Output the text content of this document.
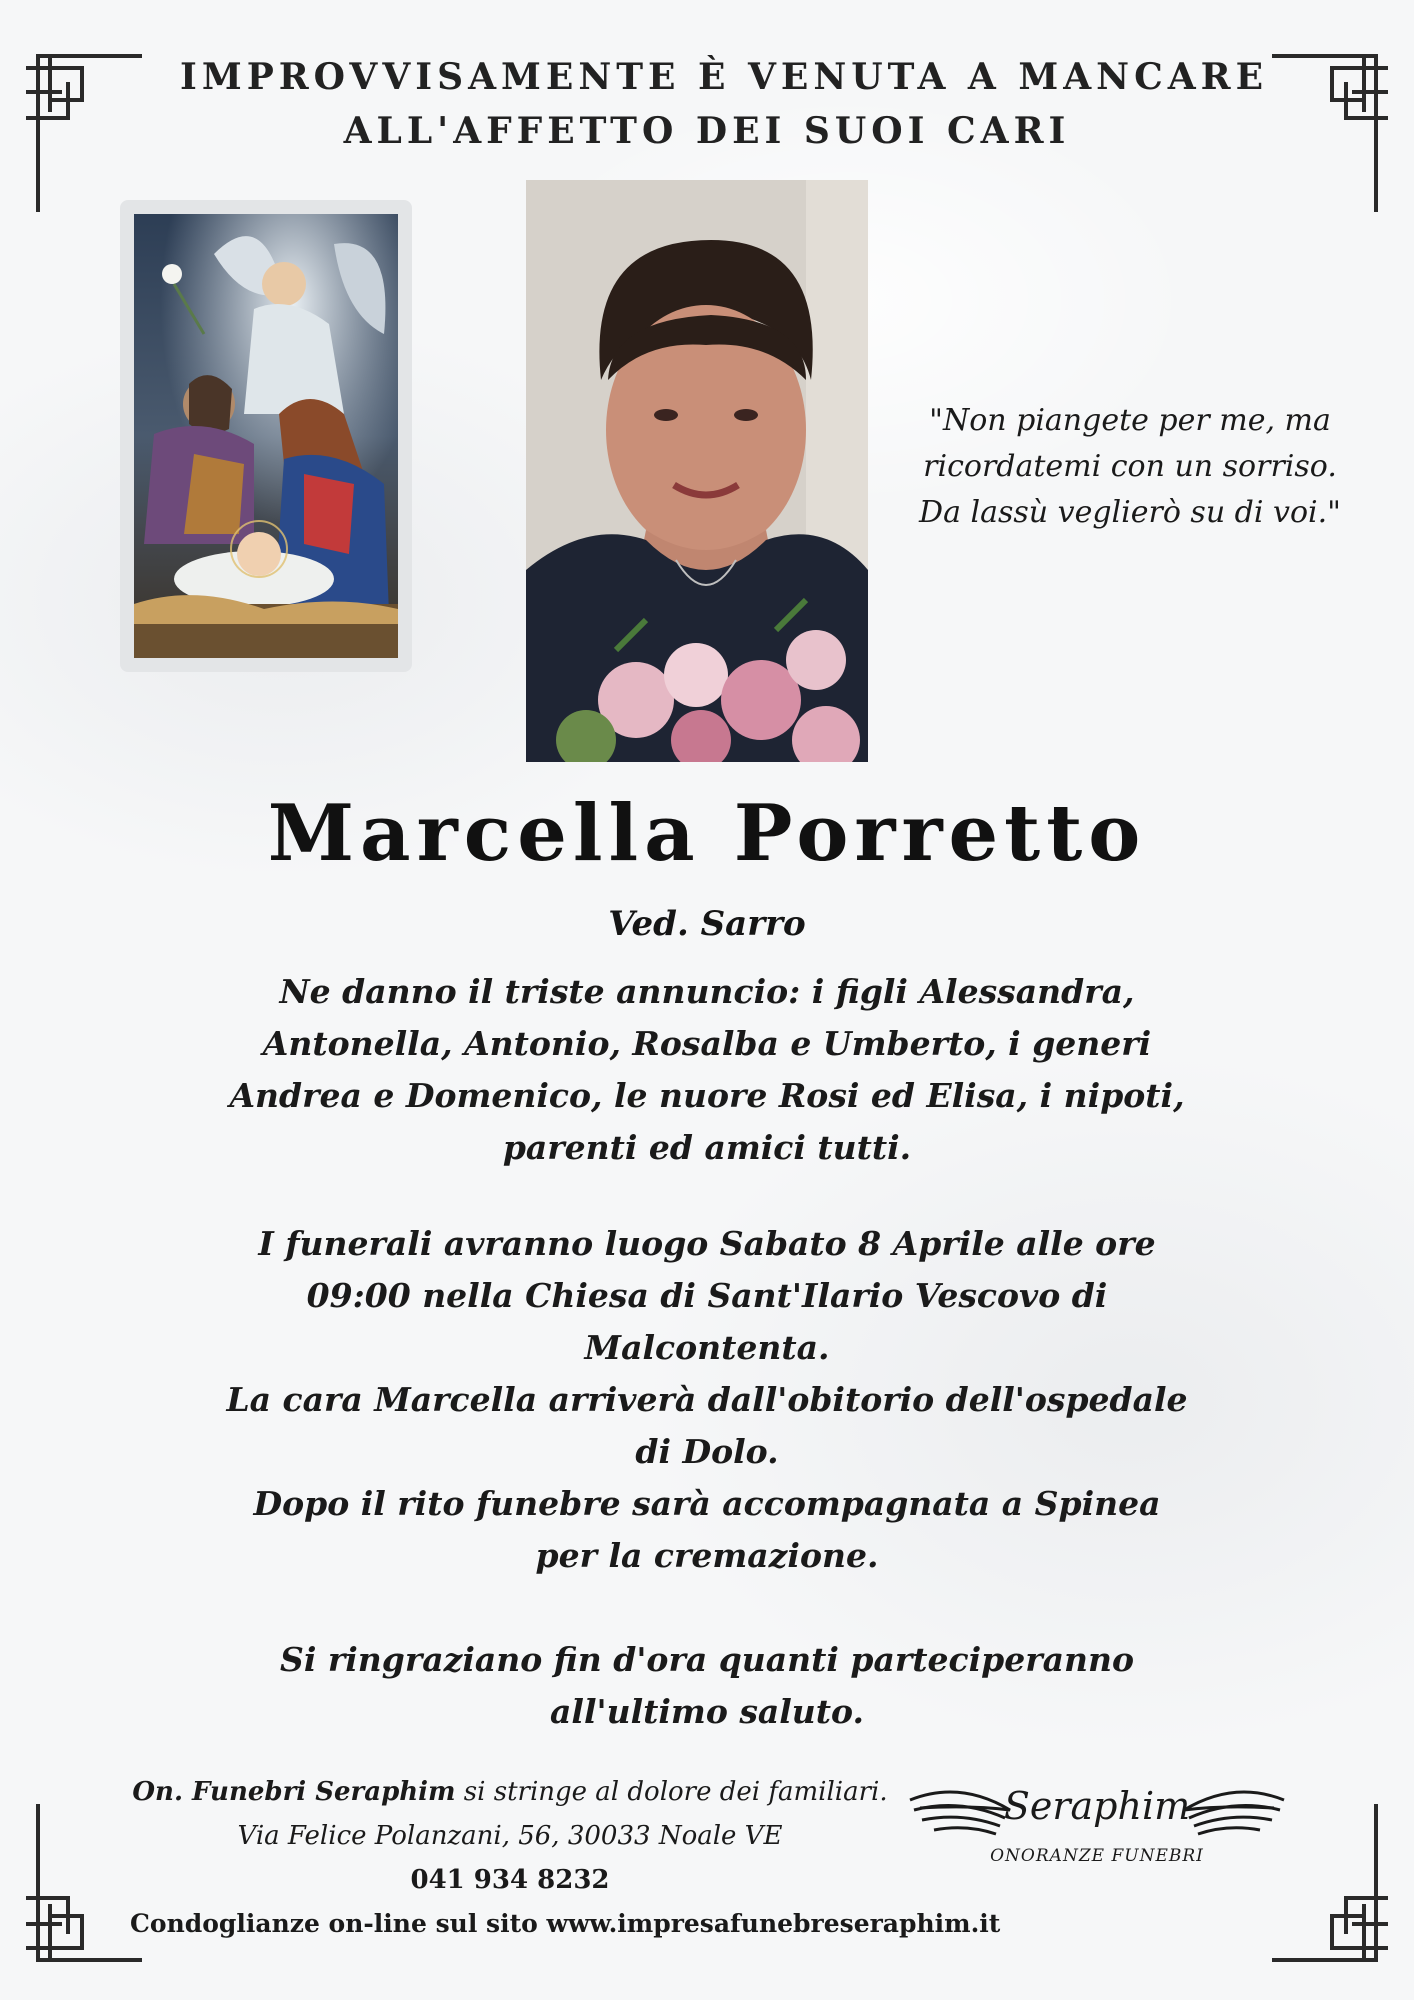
IMPROVVISAMENTE È VENUTA A MANCARE
ALL'AFFETTO DEI SUOI CARI
"Non piangete per me, ma
ricordatemi con un sorriso.
Da lassù veglierò su di voi."
Marcella Porretto
Ved. Sarro
Ne danno il triste annuncio: i figli Alessandra,
Antonella, Antonio, Rosalba e Umberto, i generi
Andrea e Domenico, le nuore Rosi ed Elisa, i nipoti,
parenti ed amici tutti.
I funerali avranno luogo Sabato 8 Aprile alle ore
09:00 nella Chiesa di Sant'Ilario Vescovo di
Malcontenta.
La cara Marcella arriverà dall'obitorio dell'ospedale
di Dolo.
Dopo il rito funebre sarà accompagnata a Spinea
per la cremazione.
Si ringraziano fin d'ora quanti parteciperanno
all'ultimo saluto.
On. Funebri Seraphim si stringe al dolore dei familiari.
Via Felice Polanzani, 56, 30033 Noale VE
041 934 8232
Condoglianze on-line sul sito www.impresafunebreseraphim.it
Seraphim
ONORANZE FUNEBRI
